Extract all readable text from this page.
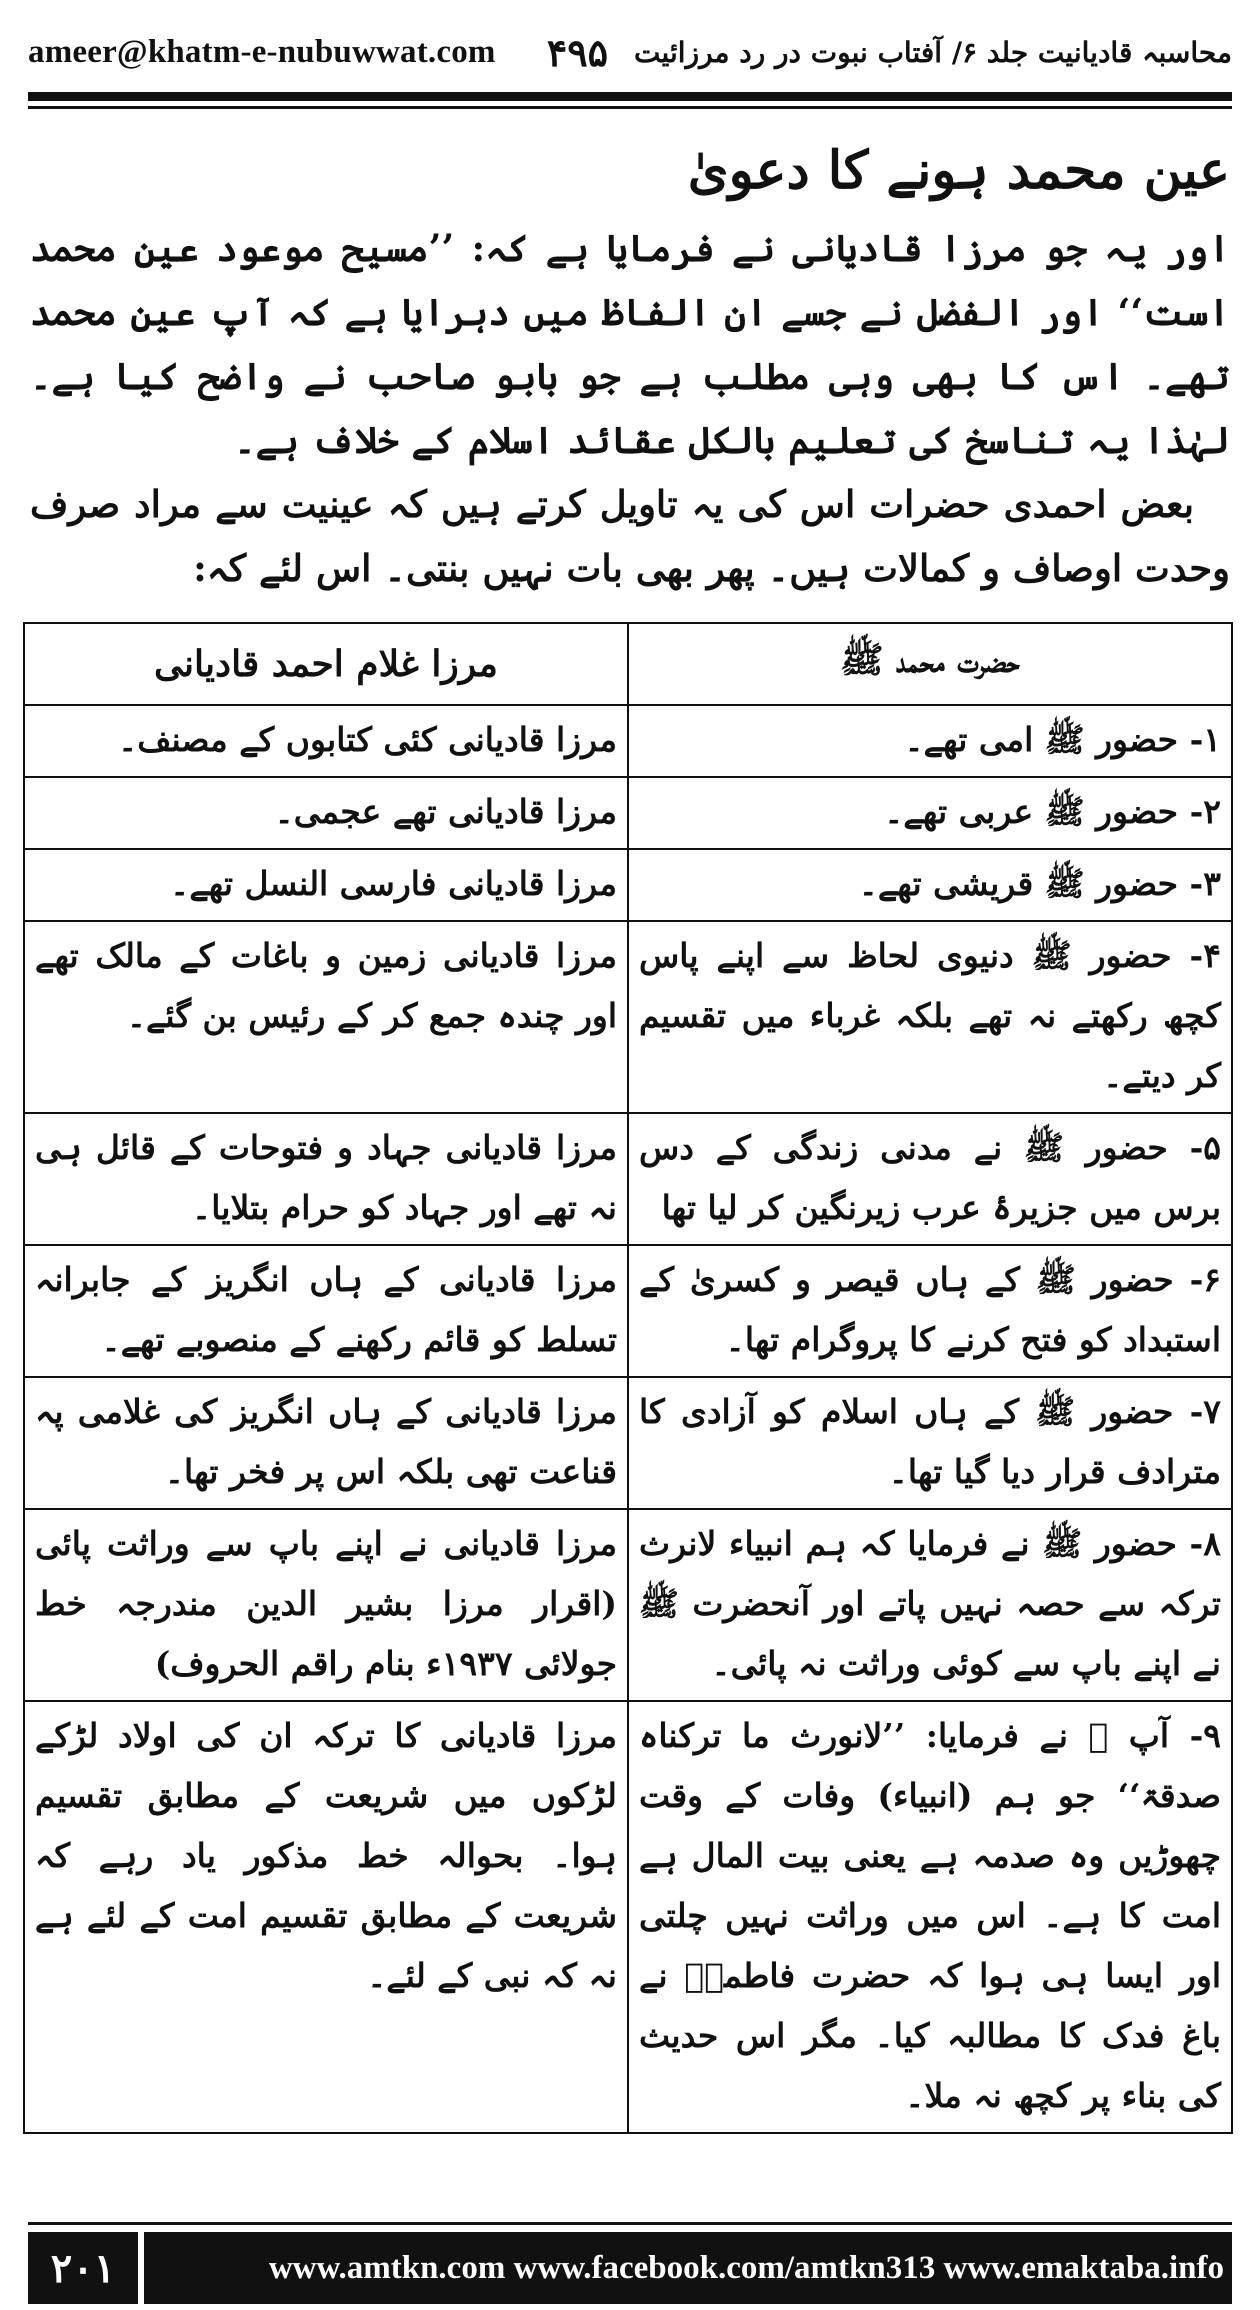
ameer@khatm-e-nubuwwat.com	محاسبہ قادیانیت جلد ۶/ آفتاب نبوت در رد مرزائیت
۴۹۵
عین محمد ہونے کا دعویٰ

اور یہ جو مرزا قادیانی نے فرمایا ہے کہ: ’’مسیح موعود عین محمد است‘‘ اور الفضل نے جسے ان الفاظ میں دہرایا ہے کہ آپ عین محمد تھے۔ اس کا بھی وہی مطلب ہے جو بابو صاحب نے واضح کیا ہے۔ لہٰذا یہ تناسخ کی تعلیم بالکل عقائد اسلام کے خلاف ہے۔

بعض احمدی حضرات اس کی یہ تاویل کرتے ہیں کہ عینیت سے مراد صرف وحدت اوصاف و کمالات ہیں۔ پھر بھی بات نہیں بنتی۔ اس لئے کہ:

حضرت محمد ﷺ	مرزا غلام احمد قادیانی
۱- حضور ﷺ امی تھے۔	مرزا قادیانی کئی کتابوں کے مصنف۔
۲- حضور ﷺ عربی تھے۔	مرزا قادیانی تھے عجمی۔
۳- حضور ﷺ قریشی تھے۔	مرزا قادیانی فارسی النسل تھے۔
۴- حضور ﷺ دنیوی لحاظ سے اپنے پاس کچھ رکھتے نہ تھے بلکہ غرباء میں تقسیم کر دیتے۔	مرزا قادیانی زمین و باغات کے مالک تھے اور چندہ جمع کر کے رئیس بن گئے۔
۵- حضور ﷺ نے مدنی زندگی کے دس برس میں جزیرۂ عرب زیرنگین کر لیا تھا	مرزا قادیانی جہاد و فتوحات کے قائل ہی نہ تھے اور جہاد کو حرام بتلایا۔
۶- حضور ﷺ کے ہاں قیصر و کسریٰ کے استبداد کو فتح کرنے کا پروگرام تھا۔	مرزا قادیانی کے ہاں انگریز کے جابرانہ تسلط کو قائم رکھنے کے منصوبے تھے۔
۷- حضور ﷺ کے ہاں اسلام کو آزادی کا مترادف قرار دیا گیا تھا۔	مرزا قادیانی کے ہاں انگریز کی غلامی پہ قناعت تھی بلکہ اس پر فخر تھا۔
۸- حضور ﷺ نے فرمایا کہ ہم انبیاء لانرث ترکہ سے حصہ نہیں پاتے اور آنحضرت ﷺ نے اپنے باپ سے کوئی وراثت نہ پائی۔	مرزا قادیانی نے اپنے باپ سے وراثت پائی (اقرار مرزا بشیر الدین مندرجہ خط جولائی ۱۹۳۷ء بنام راقم الحروف)
۹- آپ ﷺ نے فرمایا: ’’لانورث ما ترکناہ صدقۃ‘‘ جو ہم (انبیاء) وفات کے وقت چھوڑیں وہ صدمہ ہے یعنی بیت المال ہے امت کا ہے۔ اس میں وراثت نہیں چلتی اور ایسا ہی ہوا کہ حضرت فاطمہؓ نے باغ فدک کا مطالبہ کیا۔ مگر اس حدیث کی بناء پر کچھ نہ ملا۔	مرزا قادیانی کا ترکہ ان کی اولاد لڑکے لڑکوں میں شریعت کے مطابق تقسیم ہوا۔ بحوالہ خط مذکور یاد رہے کہ شریعت کے مطابق تقسیم امت کے لئے ہے نہ کہ نبی کے لئے۔
۲۰۱	www.amtkn.com www.facebook.com/amtkn313 www.emaktaba.info
